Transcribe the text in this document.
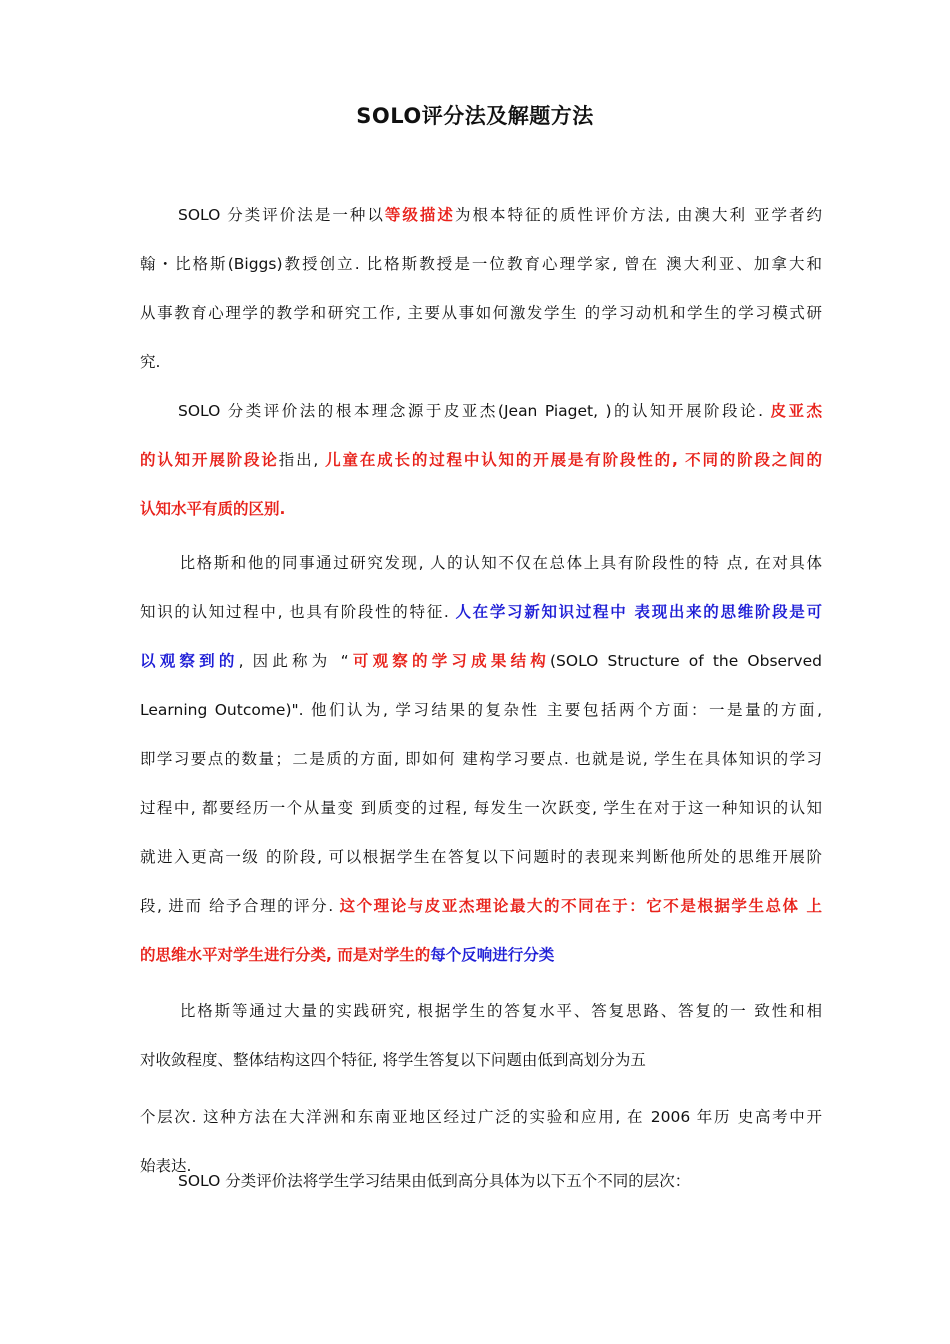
SOLO评分法及解题方法
SOLO 分类评价法是一种以等级描述为根本特征的质性评价方法, 由澳大利 亚学者约
翰・比格斯(Biggs)教授创立. 比格斯教授是一位教育心理学家, 曾在 澳大利亚、加拿大和
从事教育心理学的教学和研究工作, 主要从事如何激发学生 的学习动机和学生的学习模式研
究.
SOLO 分类评价法的根本理念源于皮亚杰(Jean Piaget, )的认知开展阶段论. 皮亚杰
的认知开展阶段论指出, 儿童在成长的过程中认知的开展是有阶段性的, 不同的阶段之间的
认知水平有质的区别.
比格斯和他的同事通过研究发现, 人的认知不仅在总体上具有阶段性的特 点, 在对具体
知识的认知过程中, 也具有阶段性的特征. 人在学习新知识过程中 表现出来的思维阶段是可
以观察到的, 因此称为 “可观察的学习成果结构(SOLO Structure of the Observed
Learning Outcome)". 他们认为, 学习结果的复杂性 主要包括两个方面：一是量的方面,
即学习要点的数量；二是质的方面, 即如何 建构学习要点. 也就是说, 学生在具体知识的学习
过程中, 都要经历一个从量变 到质变的过程, 每发生一次跃变, 学生在对于这一种知识的认知
就进入更高一级 的阶段, 可以根据学生在答复以下问题时的表现来判断他所处的思维开展阶
段, 进而 给予合理的评分. 这个理论与皮亚杰理论最大的不同在于：它不是根据学生总体 上
的思维水平对学生进行分类, 而是对学生的每个反响进行分类
比格斯等通过大量的实践研究, 根据学生的答复水平、答复思路、答复的一 致性和相
对收敛程度、整体结构这四个特征, 将学生答复以下问题由低到高划分为五
个层次. 这种方法在大洋洲和东南亚地区经过广泛的实验和应用, 在 2006 年历 史高考中开
始表达.
SOLO 分类评价法将学生学习结果由低到高分具体为以下五个不同的层次：
